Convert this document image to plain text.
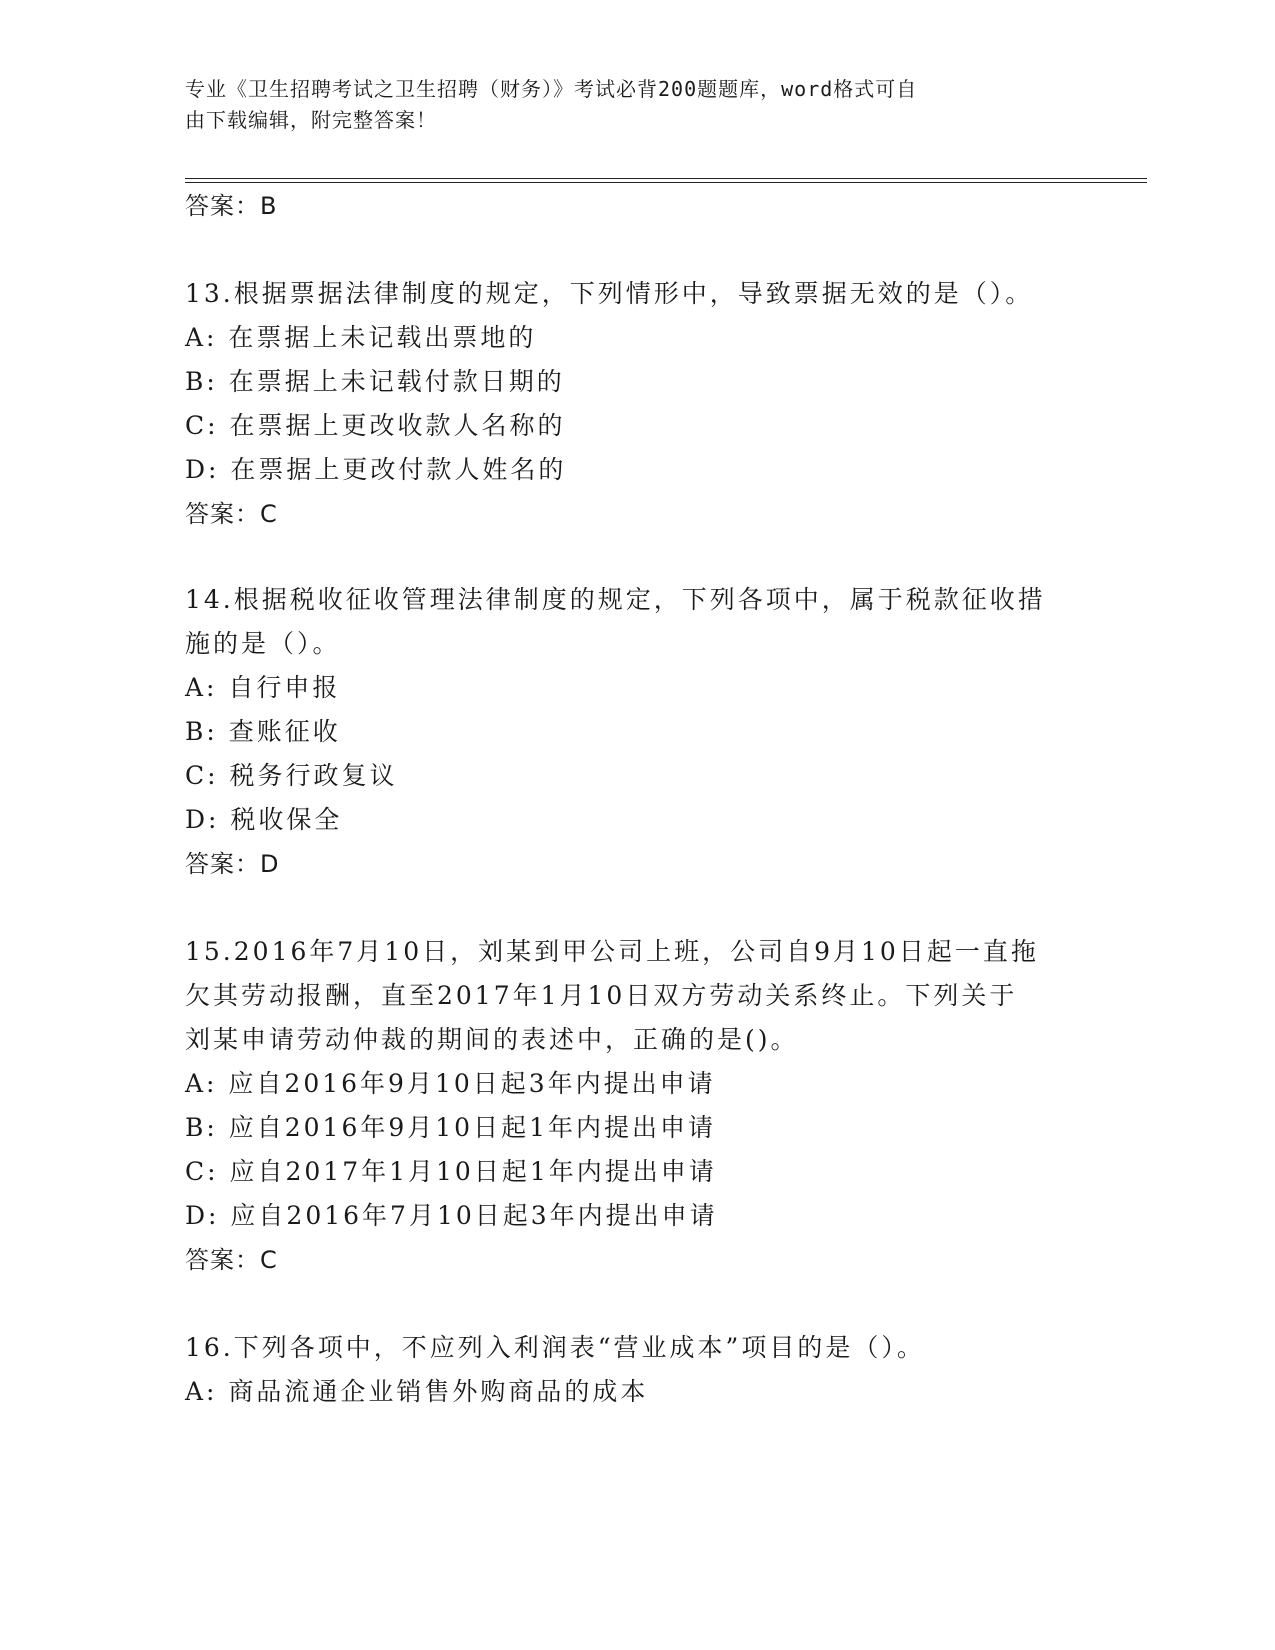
专业《卫生招聘考试之卫生招聘（财务）》考试必背200题题库，word格式可自
由下载编辑，附完整答案！
答案：B
13.根据票据法律制度的规定，下列情形中，导致票据无效的是（）。
A: 在票据上未记载出票地的
B: 在票据上未记载付款日期的
C: 在票据上更改收款人名称的
D: 在票据上更改付款人姓名的
答案：C
14.根据税收征收管理法律制度的规定，下列各项中，属于税款征收措
施的是（）。
A: 自行申报
B: 查账征收
C: 税务行政复议
D: 税收保全
答案：D
15.2016年7月10日，刘某到甲公司上班，公司自9月10日起一直拖
欠其劳动报酬，直至2017年1月10日双方劳动关系终止。下列关于
刘某申请劳动仲裁的期间的表述中，正确的是()。
A: 应自2016年9月10日起3年内提出申请
B: 应自2016年9月10日起1年内提出申请
C: 应自2017年1月10日起1年内提出申请
D: 应自2016年7月10日起3年内提出申请
答案：C
16.下列各项中，不应列入利润表“营业成本”项目的是（）。
A: 商品流通企业销售外购商品的成本
